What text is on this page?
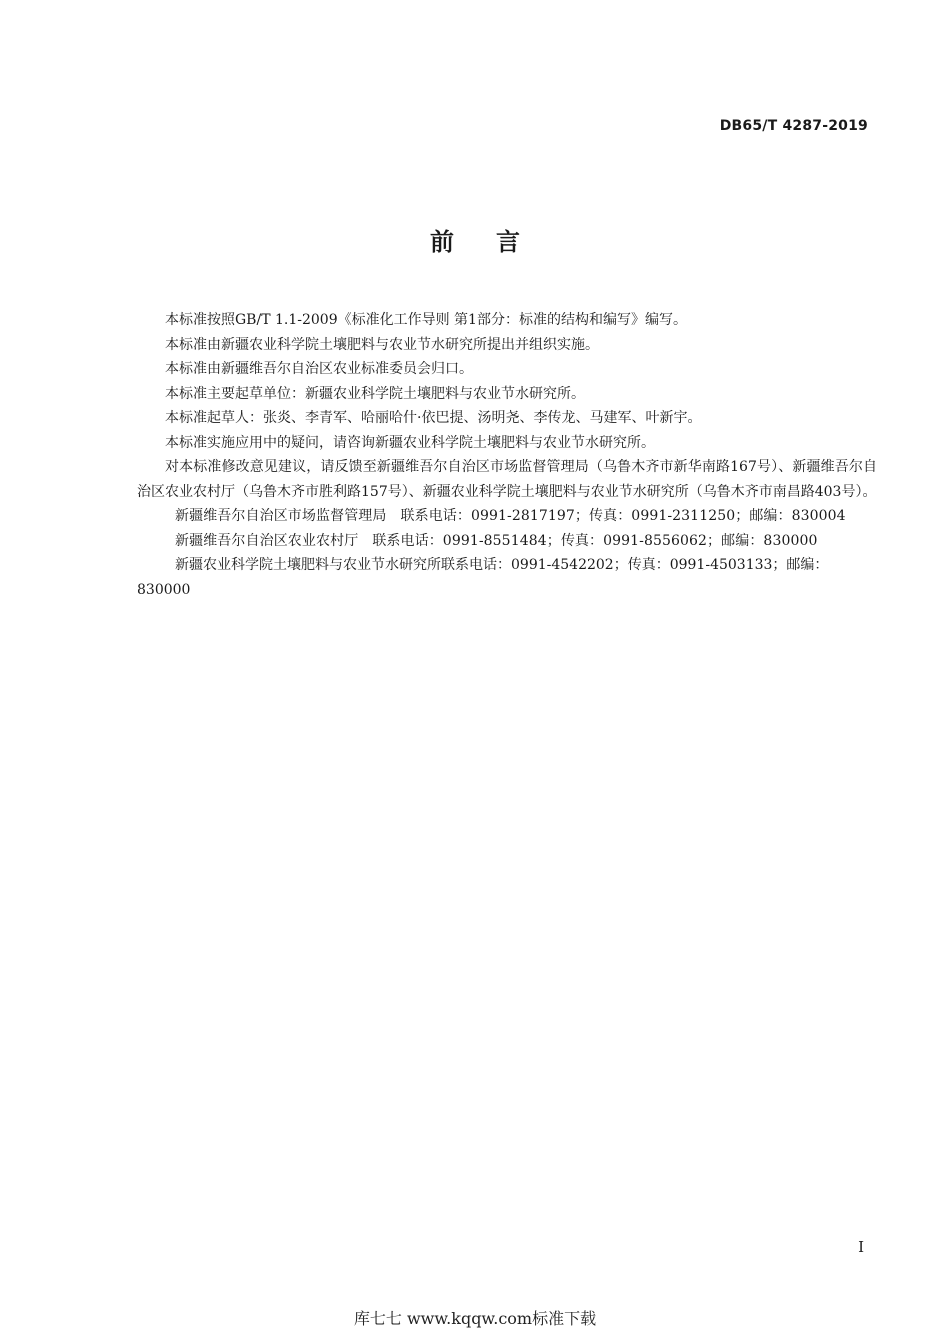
DB65/T 4287-2019
前言
本标准按照GB/T 1.1-2009《标准化工作导则 第1部分：标准的结构和编写》编写。
本标准由新疆农业科学院土壤肥料与农业节水研究所提出并组织实施。
本标准由新疆维吾尔自治区农业标准委员会归口。
本标准主要起草单位：新疆农业科学院土壤肥料与农业节水研究所。
本标准起草人：张炎、李青军、哈丽哈什·依巴提、汤明尧、李传龙、马建军、叶新宇。
本标准实施应用中的疑问，请咨询新疆农业科学院土壤肥料与农业节水研究所。
对本标准修改意见建议，请反馈至新疆维吾尔自治区市场监督管理局（乌鲁木齐市新华南路167号）、新疆维吾尔自治区农业农村厅（乌鲁木齐市胜利路157号）、新疆农业科学院土壤肥料与农业节水研究所（乌鲁木齐市南昌路403号）。
新疆维吾尔自治区市场监督管理局 联系电话：0991-2817197；传真：0991-2311250；邮编：830004
新疆维吾尔自治区农业农村厅 联系电话：0991-8551484；传真：0991-8556062；邮编：830000
新疆农业科学院土壤肥料与农业节水研究所联系电话：0991-4542202；传真：0991-4503133；邮编：830000
I
库七七 www.kqqw.com标准下载
